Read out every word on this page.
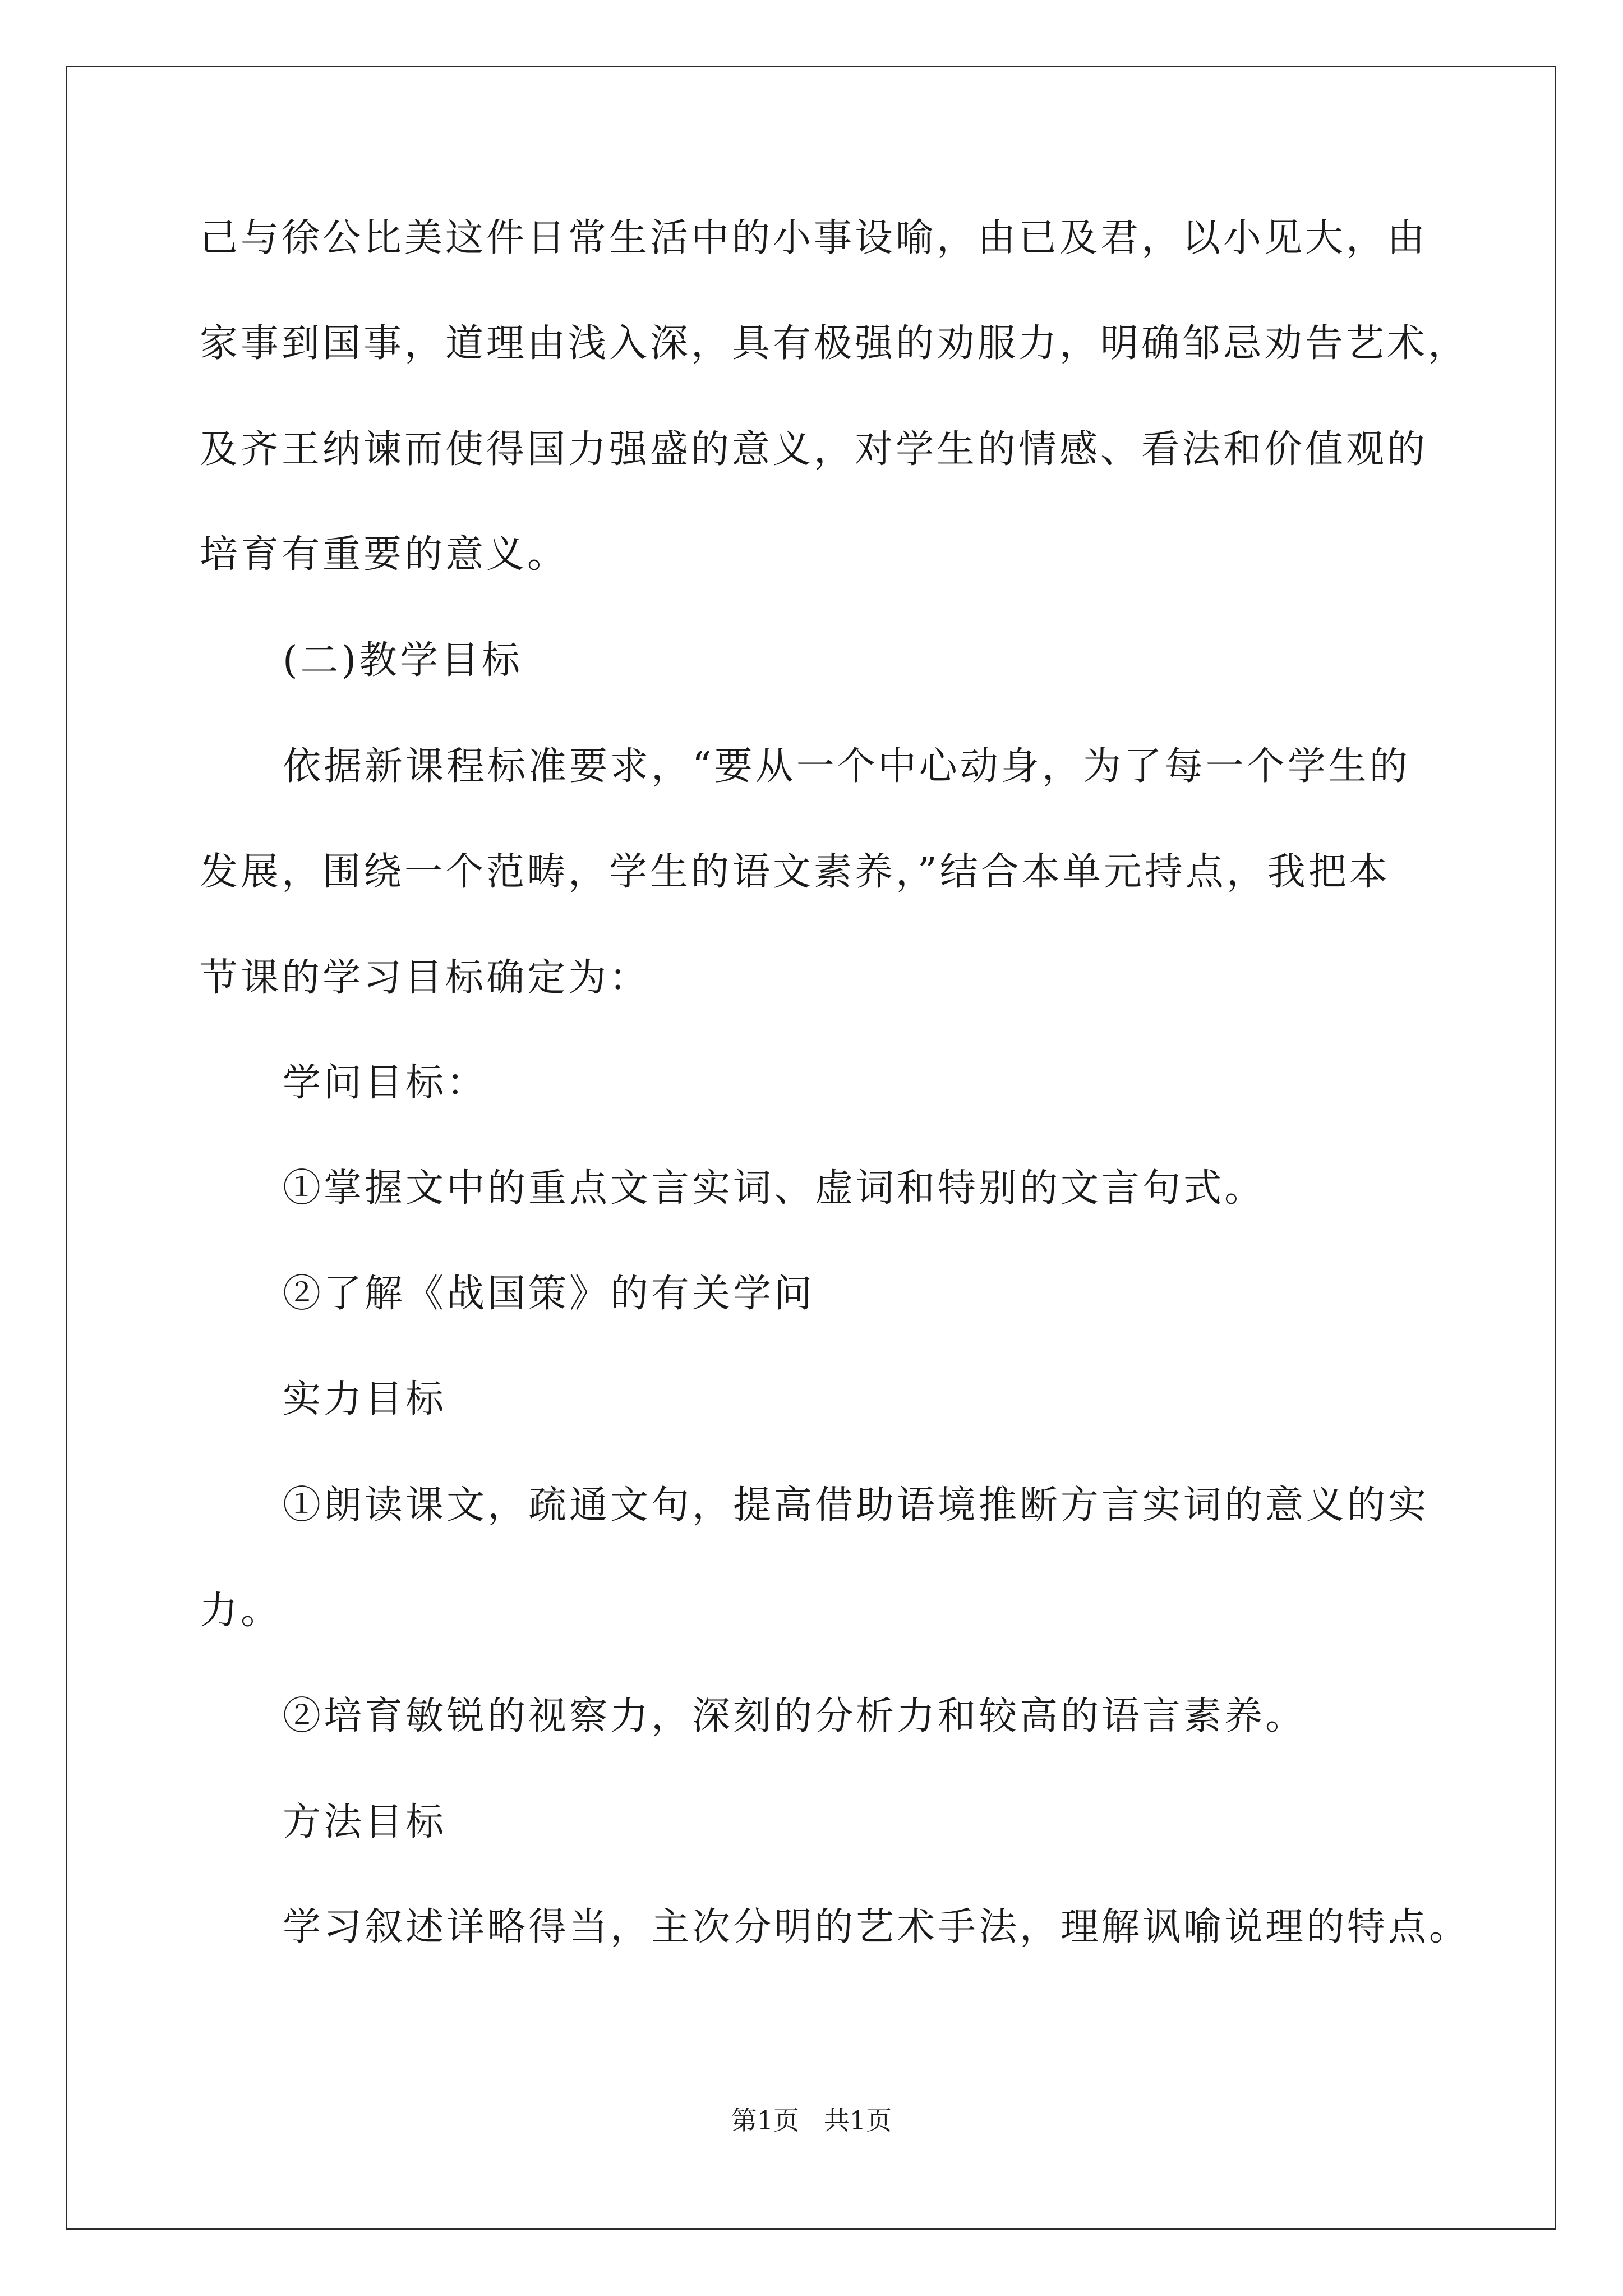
己与徐公比美这件日常生活中的小事设喻，由已及君，以小见大，由
家事到国事，道理由浅入深，具有极强的劝服力，明确邹忌劝告艺术，
及齐王纳谏而使得国力强盛的意义，对学生的情感、看法和价值观的
培育有重要的意义。
(二)教学目标
依据新课程标准要求，“要从一个中心动身，为了每一个学生的
发展，围绕一个范畴，学生的语文素养，”结合本单元持点，我把本
节课的学习目标确定为：
学问目标：
①掌握文中的重点文言实词、虚词和特别的文言句式。
②了解《战国策》的有关学问
实力目标
①朗读课文，疏通文句，提高借助语境推断方言实词的意义的实
力。
②培育敏锐的视察力，深刻的分析力和较高的语言素养。
方法目标
学习叙述详略得当，主次分明的艺术手法，理解讽喻说理的特点。
第1页   共1页
